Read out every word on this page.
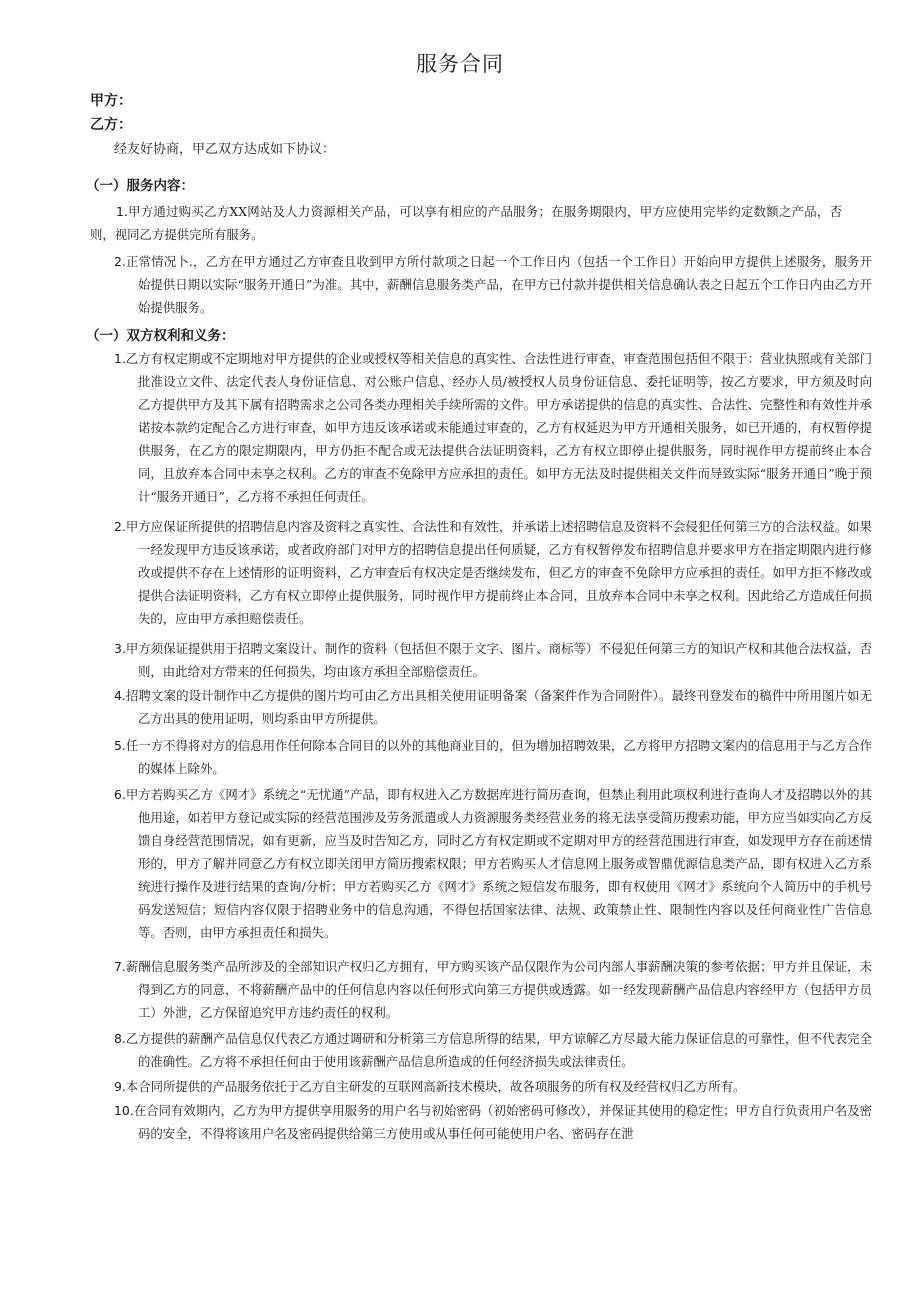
服务合同
甲方：
乙方：
经友好协商，甲乙双方达成如下协议：
（一）服务内容：
1.甲方通过购买乙方XX网站及人力资源相关产品，可以享有相应的产品服务；在服务期限内，甲方应使用完毕约定数额之产品，否则，视同乙方提供完所有服务。
2.正常情况卜.，乙方在甲方通过乙方审查且收到甲方所付款项之日起一个工作日内（包括一个工作日）开始向甲方提供上述服务，服务开始提供日期以实际“服务开通日”为准。其中，薪酬信息服务类产品，在甲方已付款并提供相关信息确认表之日起五个工作日内由乙方开始提供服务。
（一）双方权利和义务：
1.乙方有权定期或不定期地对甲方提供的企业或授权等相关信息的真实性、合法性进行审查，审查范围包括但不限于：营业执照或有关部门批准设立文件、法定代表人身份证信息、对公账户信息、经办人员/被授权人员身份证信息、委托证明等，按乙方要求，甲方须及时向乙方提供甲方及其下属有招聘需求之公司各类办理相关手续所需的文件。甲方承诺提供的信息的真实性、合法性、完整性和有效性并承诺按本款约定配合乙方进行审查，如甲方违反该承诺或未能通过审查的，乙方有权延迟为甲方开通相关服务，如已开通的，有权暂停提供服务，在乙方的限定期限内，甲方仍拒不配合或无法提供合法证明资料，乙方有权立即停止提供服务，同时视作甲方提前终止本合同，且放弃本合同中未享之权利。乙方的审查不免除甲方应承担的责任。如甲方无法及时提供相关文件而导致实际“服务开通日”晚于预计“服务开通日”，乙方将不承担任何责任。
2.甲方应保证所提供的招聘信息内容及资料之真实性、合法性和有效性，并承诺上述招聘信息及资料不会侵犯任何第三方的合法权益。如果一经发现甲方违反该承诺，或者政府部门对甲方的招聘信息提出任何质疑，乙方有权暂停发布招聘信息并要求甲方在指定期限内进行修改或提供不存在上述情形的证明资料，乙方审查后有权决定是否继续发布，但乙方的审查不免除甲方应承担的责任。如甲方拒不修改或提供合法证明资料，乙方有权立即停止提供服务，同时视作甲方提前终止本合同，且放弃本合同中未享之权利。因此给乙方造成任何损失的，应由甲方承担赔偿责任。
3.甲方须保证提供用于招聘文案设计、制作的资料（包括但不限于文字、图片、商标等）不侵犯任何第三方的知识产权和其他合法权益，否则，由此给对方带来的任何损失，均由该方承担全部赔偿责任。
4.招聘文案的设计制作中乙方提供的图片均可由乙方出具相关使用证明备案（备案件作为合同附件）。最终刊登发布的稿件中所用图片如无乙方出具的使用证明，则均系由甲方所提供。
5.任一方不得将对方的信息用作任何除本合同目的以外的其他商业目的，但为增加招聘效果，乙方将甲方招聘文案内的信息用于与乙方合作的媒体上除外。
6.甲方若购买乙方《网才》系统之“无忧通”产品，即有权进入乙方数据库进行简历查询，但禁止利用此项权利进行查询人才及招聘以外的其他用途，如若甲方登记或实际的经营范围涉及劳务派遣或人力资源服务类经营业务的将无法享受简历搜索功能，甲方应当如实向乙方反馈自身经营范围情况，如有更新，应当及时告知乙方，同时乙方有权定期或不定期对甲方的经营范围进行审查，如发现甲方存在前述情形的，甲方了解并同意乙方有权立即关闭甲方简历搜索权限；甲方若购买人才信息网上服务或智鼎优源信息类产品，即有权进入乙方系统进行操作及进行结果的查询/分析；甲方若购买乙方《网才》系统之短信发布服务，即有权使用《网才》系统向个人简历中的手机号码发送短信；短信内容仅限于招聘业务中的信息沟通，不得包括国家法律、法规、政策禁止性、限制性内容以及任何商业性广告信息等。否则，由甲方承担责任和损失。
7.薪酬信息服务类产品所涉及的全部知识产权归乙方拥有，甲方购买该产品仅限作为公司内部人事薪酬决策的参考依据；甲方并且保证，未得到乙方的同意，不将薪酬产品中的任何信息内容以任何形式向第三方提供或透露。如一经发现薪酬产品信息内容经甲方（包括甲方员工）外泄，乙方保留追究甲方违约责任的权利。
8.乙方提供的薪酬产品信息仅代表乙方通过调研和分析第三方信息所得的结果，甲方谅解乙方尽最大能力保证信息的可靠性，但不代表完全的准确性。乙方将不承担任何由于使用该薪酬产品信息所造成的任何经济损失或法律责任。
9.本合同所提供的产品服务依托于乙方自主研发的互联网高新技术模块，故各项服务的所有权及经营权归乙方所有。
10.在合同有效期内，乙方为甲方提供享用服务的用户名与初始密码（初始密码可修改），并保证其使用的稳定性；甲方自行负责用户名及密码的安全，不得将该用户名及密码提供给第三方使用或从事任何可能使用户名、密码存在泄
